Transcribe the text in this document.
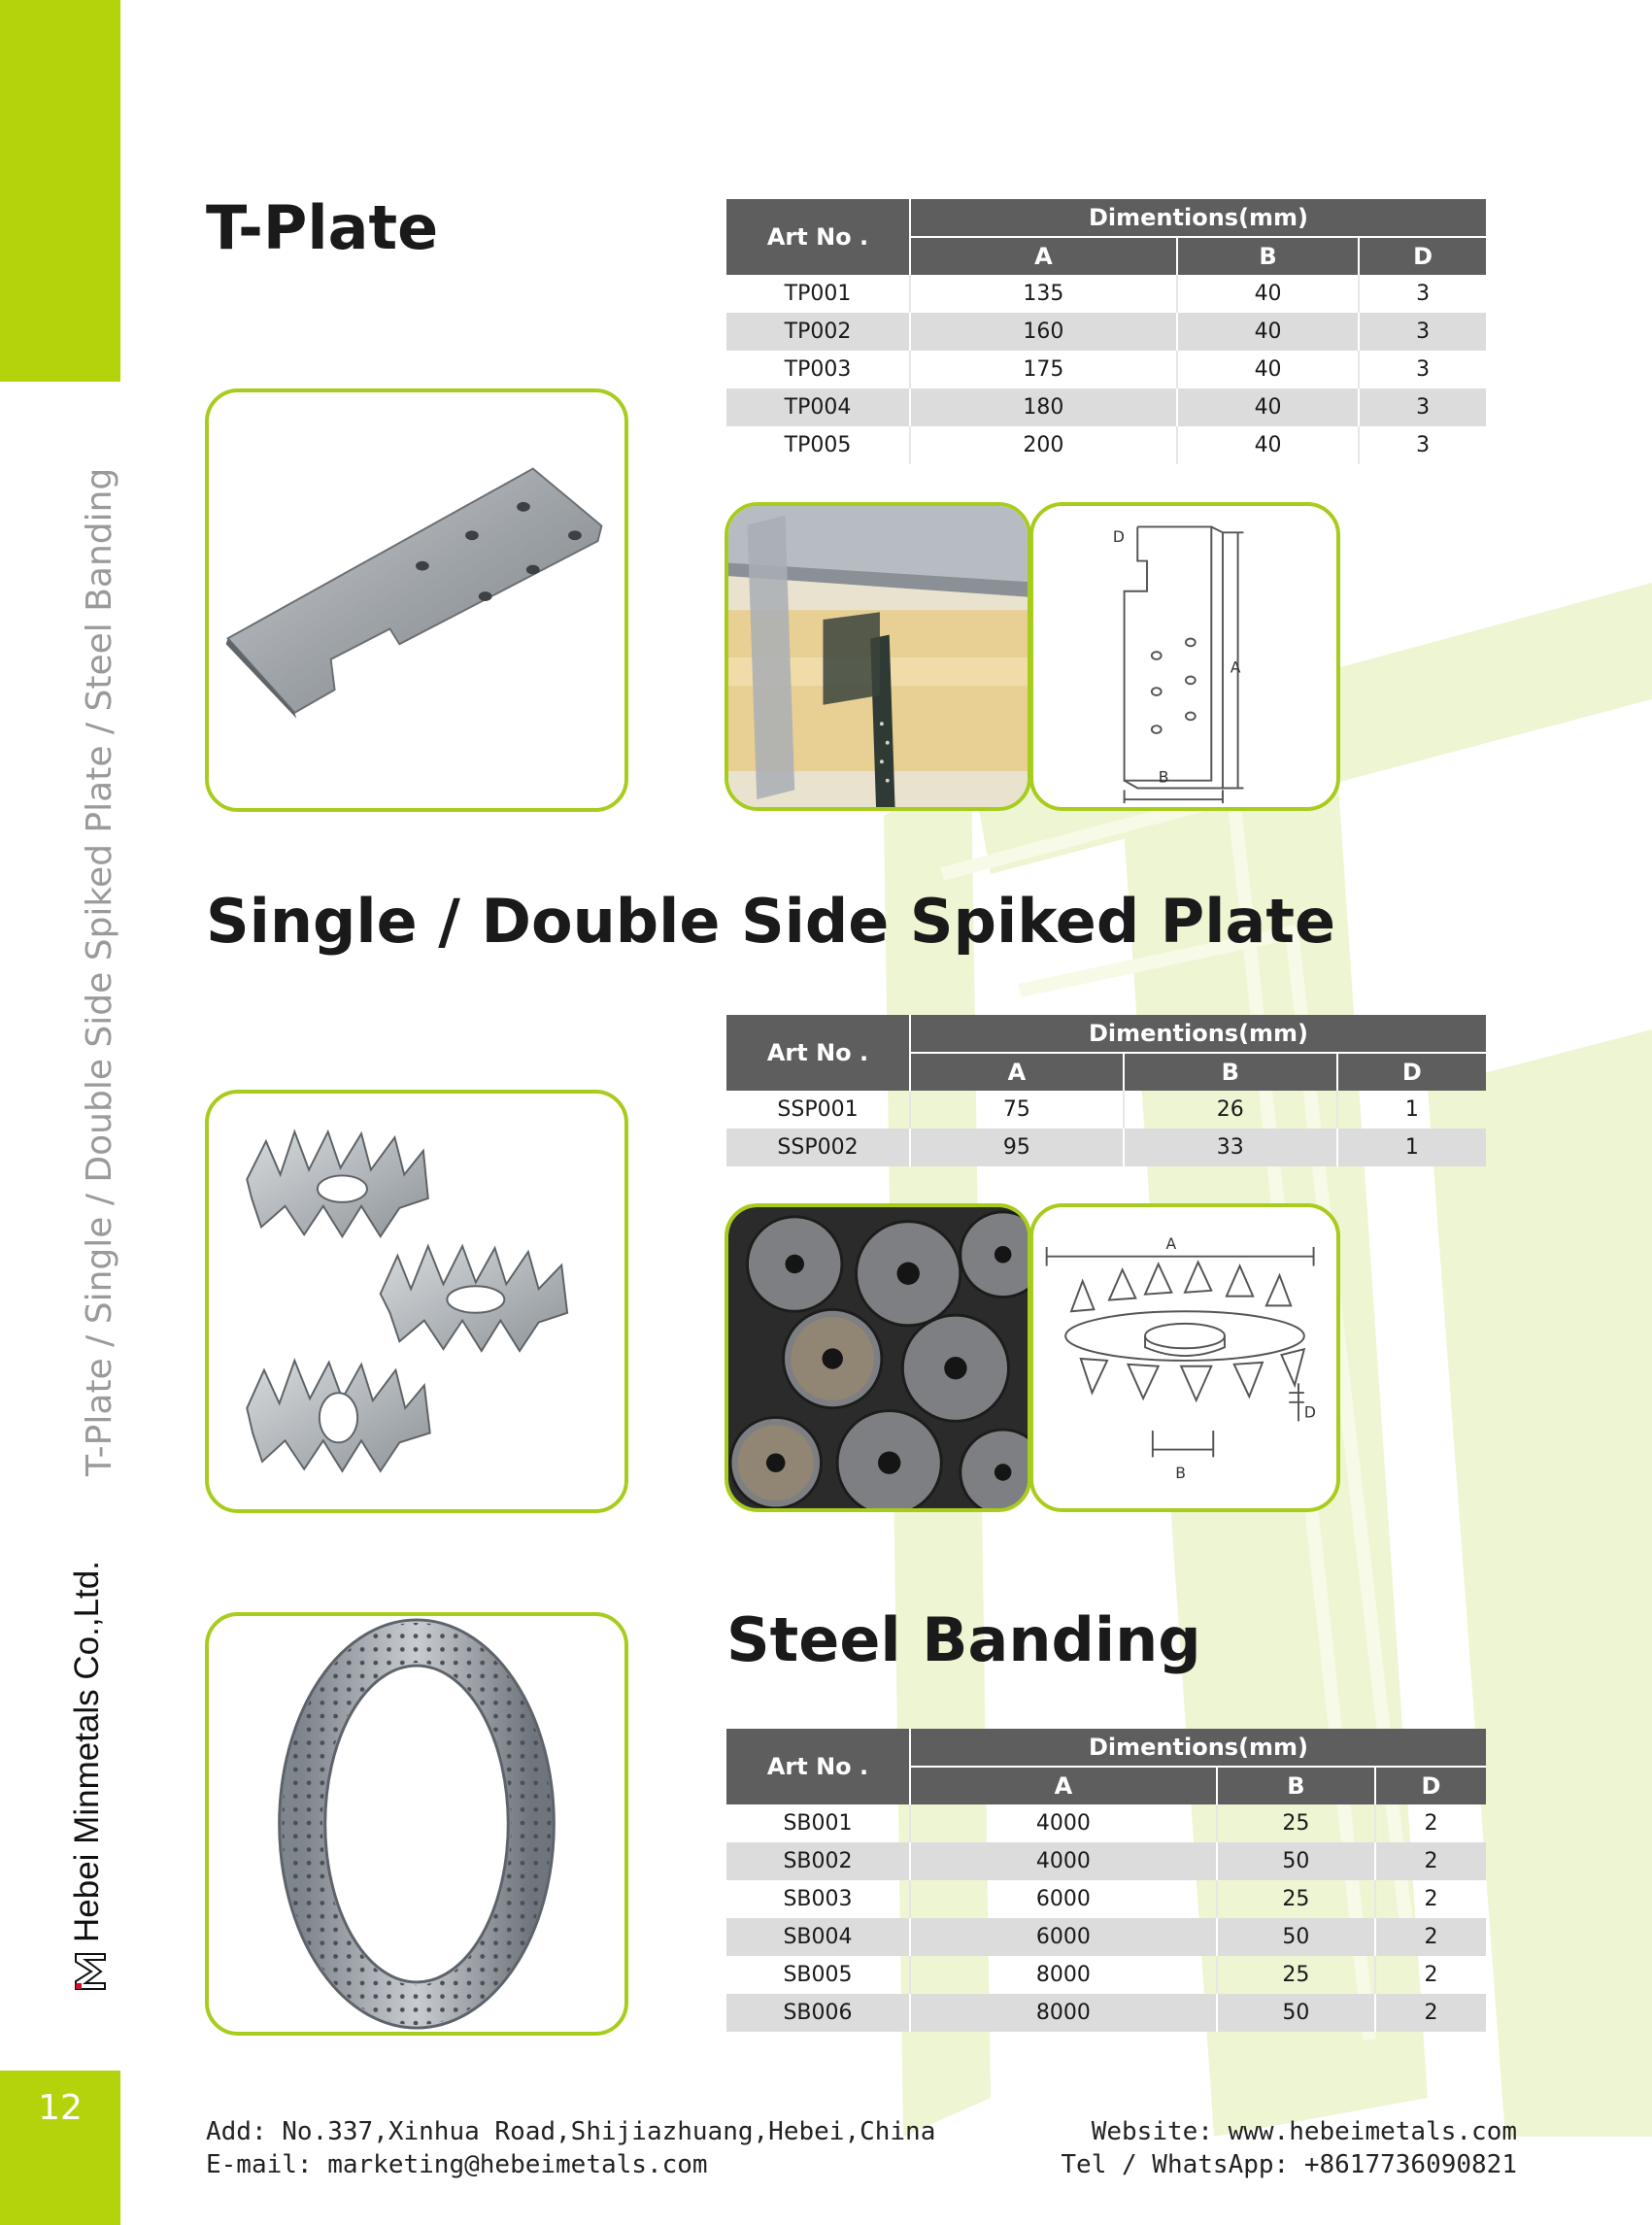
12
T-Plate / Single / Double Side Spiked Plate / Steel Banding
Hebei Minmetals Co.,Ltd.
T-Plate	Art No .	Dimentions(mm)		
	A	B	D
TP001	135	40	3
TP002	160	40	3
TP003	175	40	3
TP004	180	40	3
TP005	200	40	3
D
A
B
Single / Double Side Spiked Plate
Art No .	Dimentions(mm)		
	A	B	D
SSP001	75	26	1
SSP002	95	33	1
A
B
D
Steel Banding
Art No .	Dimentions(mm)		
	A	B	D
SB001	4000	25	2
SB002	4000	50	2
SB003	6000	25	2
SB004	6000	50	2
SB005	8000	25	2
SB006	8000	50	2
Add: No.337,Xinhua Road,Shijiazhuang,Hebei,China	Website: www.hebeimetals.com
E-mail: marketing@hebeimetals.com	Tel / WhatsApp: +8617736090821
